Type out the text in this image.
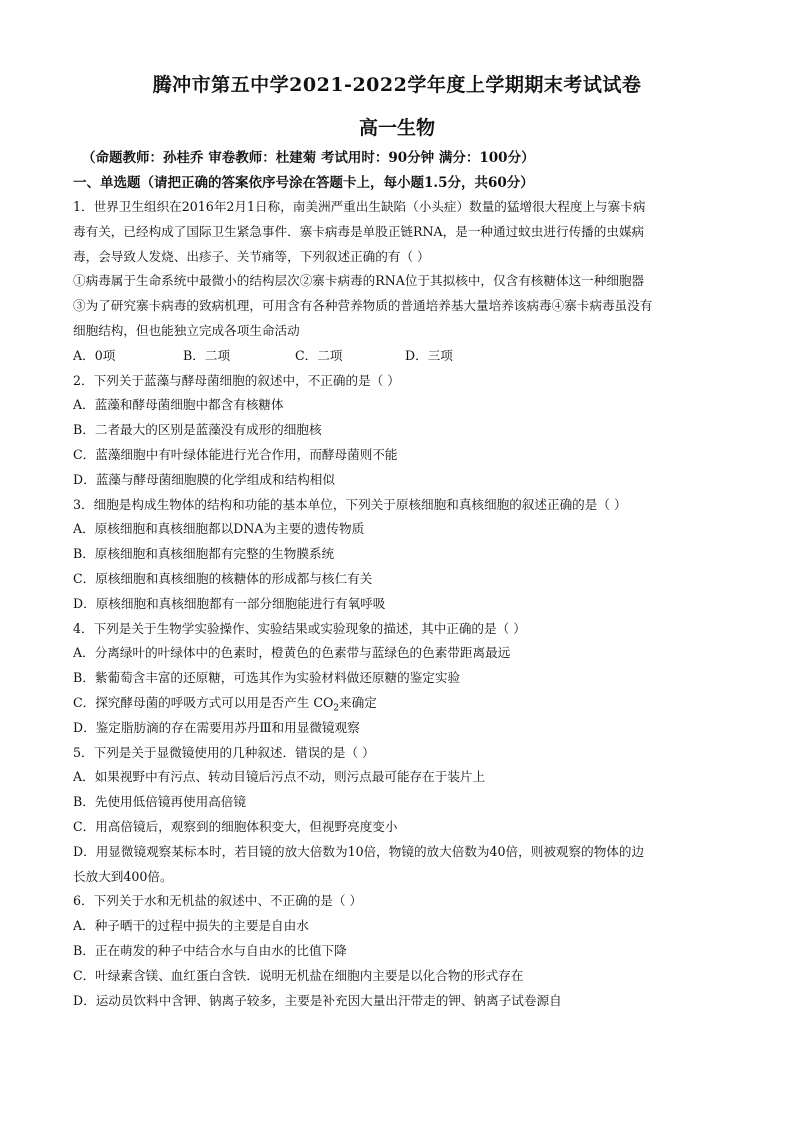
腾冲市第五中学2021-2022学年度上学期期末考试试卷
高一生物
（命题教师：孙桂乔 审卷教师：杜建菊 考试用时：90分钟 满分：100分）
一、单选题（请把正确的答案依序号涂在答题卡上，每小题1.5分，共60分）
1．世界卫生组织在2016年2月1日称，南美洲严重出生缺陷（小头症）数量的猛增很大程度上与寨卡病
毒有关，已经构成了国际卫生紧急事件．寨卡病毒是单股正链RNA，是一种通过蚊虫进行传播的虫媒病
毒，会导致人发烧、出疹子、关节痛等，下列叙述正确的有（ ）
①病毒属于生命系统中最微小的结构层次②寨卡病毒的RNA位于其拟核中，仅含有核糖体这一种细胞器
③为了研究寨卡病毒的致病机理，可用含有各种营养物质的普通培养基大量培养该病毒④寨卡病毒虽没有
细胞结构，但也能独立完成各项生命活动
A．0项	B．二项	C．二项	D．三项
2．下列关于蓝藻与酵母菌细胞的叙述中，不正确的是（ ）
A．蓝藻和酵母菌细胞中都含有核糖体
B．二者最大的区别是蓝藻没有成形的细胞核
C．蓝藻细胞中有叶绿体能进行光合作用，而酵母菌则不能
D．蓝藻与酵母菌细胞膜的化学组成和结构相似
3．细胞是构成生物体的结构和功能的基本单位，下列关于原核细胞和真核细胞的叙述正确的是（ ）
A．原核细胞和真核细胞都以DNA为主要的遗传物质
B．原核细胞和真核细胞都有完整的生物膜系统
C．原核细胞和真核细胞的核糖体的形成都与核仁有关
D．原核细胞和真核细胞都有一部分细胞能进行有氧呼吸
4．下列是关于生物学实验操作、实验结果或实验现象的描述，其中正确的是（ ）
A．分离绿叶的叶绿体中的色素时，橙黄色的色素带与蓝绿色的色素带距离最远
B．紫葡萄含丰富的还原糖，可选其作为实验材料做还原糖的鉴定实验
C．探究酵母菌的呼吸方式可以用是否产生 $CO_2$来确定
D．鉴定脂肪滴的存在需要用苏丹Ⅲ和用显微镜观察
5．下列是关于显微镜使用的几种叙述．错误的是（ ）
A．如果视野中有污点、转动目镜后污点不动，则污点最可能存在于装片上
B．先使用低倍镜再使用高倍镜
C．用高倍镜后，观察到的细胞体积变大，但视野亮度变小
D．用显微镜观察某标本时，若目镜的放大倍数为10倍，物镜的放大倍数为40倍，则被观察的物体的边
长放大到400倍。
6．下列关于水和无机盐的叙述中、不正确的是（ ）
A．种子晒干的过程中损失的主要是自由水
B．正在萌发的种子中结合水与自由水的比值下降
C．叶绿素含镁、血红蛋白含铁．说明无机盐在细胞内主要是以化合物的形式存在
D．运动员饮料中含钾、钠离子较多，主要是补充因大量出汗带走的钾、钠离子试卷源自
